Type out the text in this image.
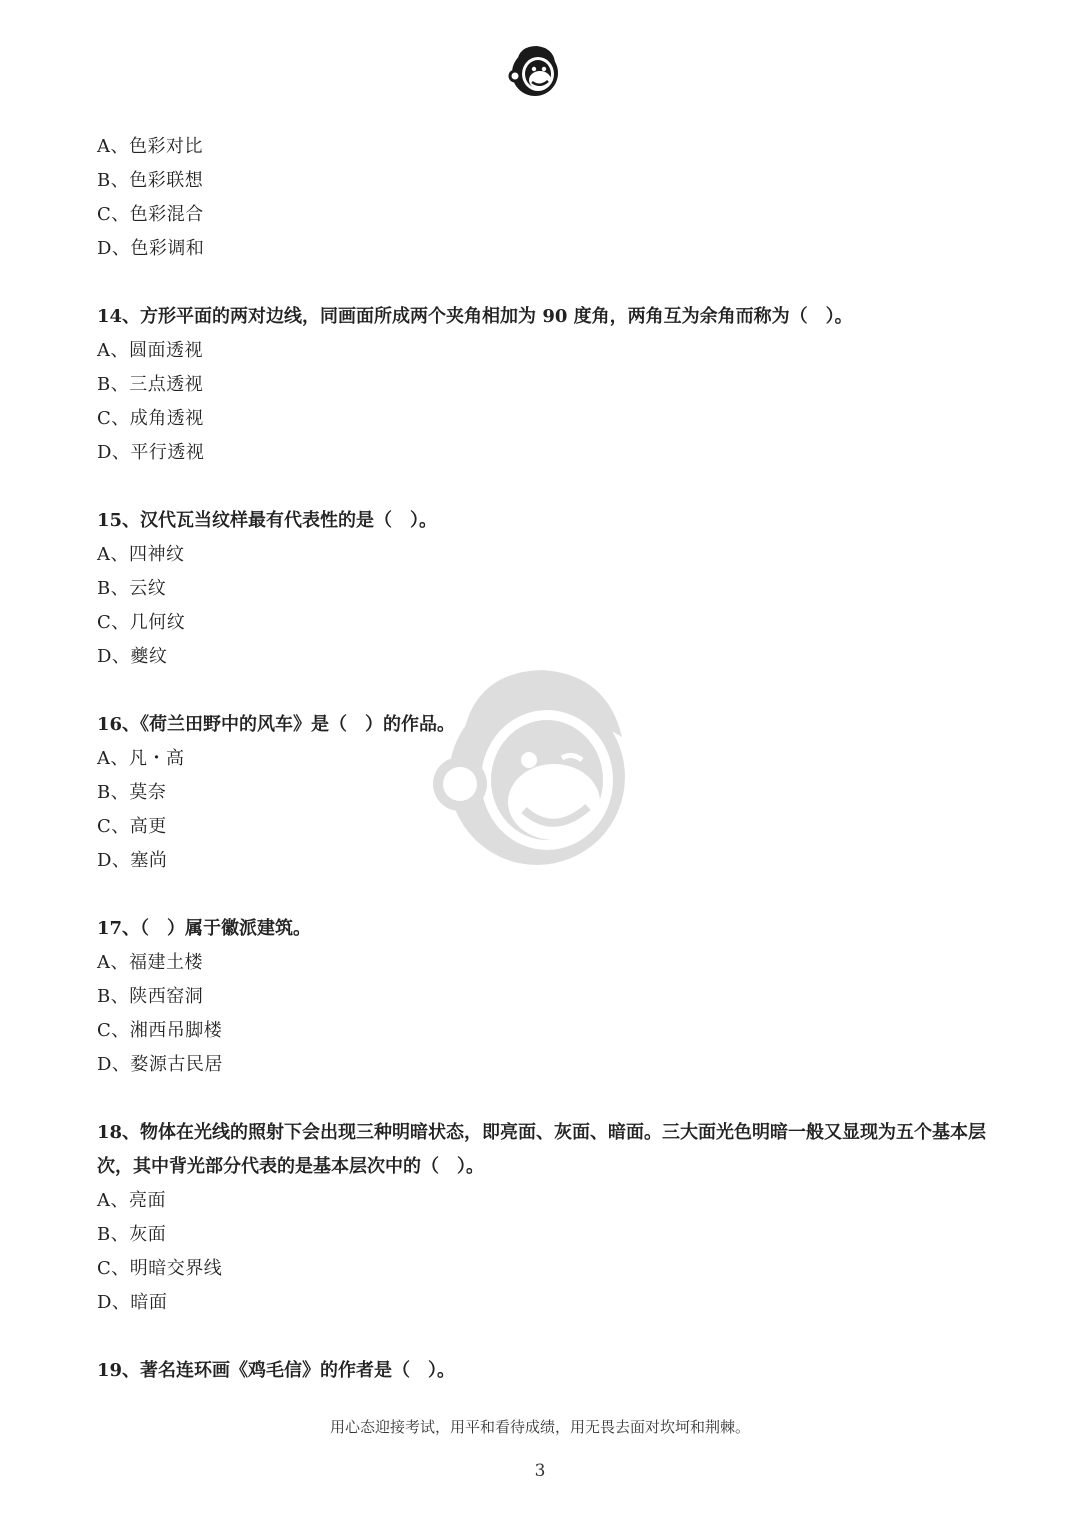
A、色彩对比

B、色彩联想

C、色彩混合

D、色彩调和

14、方形平面的两对边线，同画面所成两个夹角相加为 90 度角，两角互为余角而称为（　）。

A、圆面透视

B、三点透视

C、成角透视

D、平行透视

15、汉代瓦当纹样最有代表性的是（　）。

A、四神纹

B、云纹

C、几何纹

D、夔纹

16、《荷兰田野中的风车》是（　）的作品。

A、凡・高

B、莫奈

C、高更

D、塞尚

17、（　）属于徽派建筑。

A、福建土楼

B、陕西窑洞

C、湘西吊脚楼

D、婺源古民居

18、物体在光线的照射下会出现三种明暗状态，即亮面、灰面、暗面。三大面光色明暗一般又显现为五个基本层次，其中背光部分代表的是基本层次中的（　）。

A、亮面

B、灰面

C、明暗交界线

D、暗面

19、著名连环画《鸡毛信》的作者是（　）。

用心态迎接考试，用平和看待成绩，用无畏去面对坎坷和荆棘。
3
